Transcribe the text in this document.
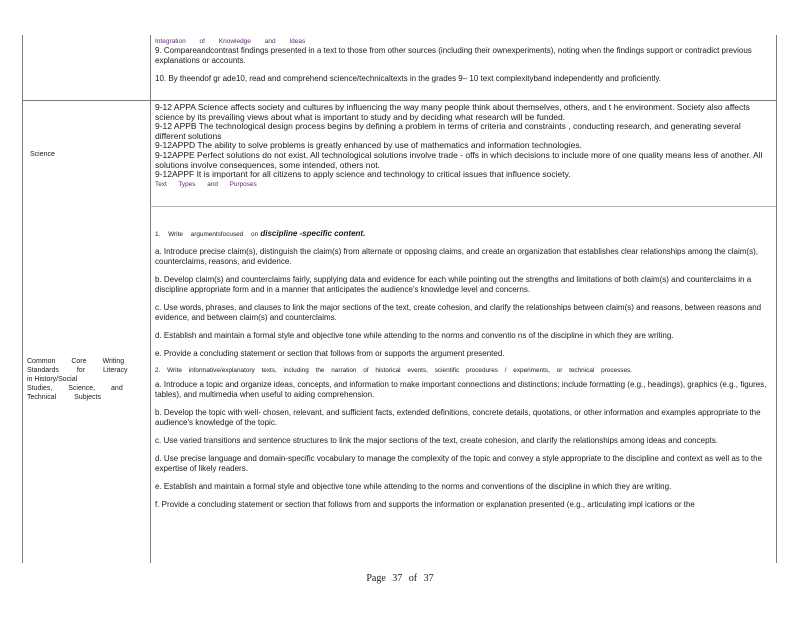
Integration of Knowledge and Ideas

9. Compareandcontrast findings presented in a text to those from other sources (including their ownexperiments), noting when the findings support or contradict previous explanations or accounts.

10. By theendof gr ade10, read and comprehend science/technicaltexts in the grades 9– 10 text complexityband independently and proficiently.

Science

9-12 APPA Science affects society and cultures by influencing the way many people think about themselves, others, and t he environment. Society also affects science by its prevailing views about what is important to study and by deciding what research will be funded.

9-12 APPB The technological design process begins by defining a problem in terms of criteria and constraints , conducting research, and generating several different solutions

9-12APPD The ability to solve problems is greatly enhanced by use of mathematics and information technologies.

9-12APPE Perfect solutions do not exist. All technological solutions involve trade - offs in which decisions to include more of one quality means less of another. All solutions involve consequences, some intended, others not.

9-12APPF It is important for all citizens to apply science and technology to critical issues that influence society.

Text Types and Purposes

Common Core Writing
Standards for Literacy
in History/Social
Studies, Science, and
Technical Subjects

1. Write argumentsfocused on discipline -specific content.

a. Introduce precise claim(s), distinguish the claim(s) from alternate or opposing claims, and create an organization that establishes clear relationships among the claim(s), counterclaims, reasons, and evidence.

b. Develop claim(s) and counterclaims fairly, supplying data and evidence for each while pointing out the strengths and limitations of both claim(s) and counterclaims in a discipline appropriate form and in a manner that anticipates the audience's knowledge level and concerns.

c. Use words, phrases, and clauses to link the major sections of the text, create cohesion, and clarify the relationships between claim(s) and reasons, between reasons and evidence, and between claim(s) and counterclaims.

d. Establish and maintain a formal style and objective tone while attending to the norms and conventio ns of the discipline in which they are writing.

e. Provide a concluding statement or section that follows from or supports the argument presented.

2. Write informative/explanatory texts, including the narration of historical events, scientific procedures / experiments, or technical processes.

a. Introduce a topic and organize ideas, concepts, and information to make important connections and distinctions; include formatting (e.g., headings), graphics (e.g., figures, tables), and multimedia when useful to aiding comprehension.

b. Develop the topic with well- chosen, relevant, and sufficient facts, extended definitions, concrete details, quotations, or other information and examples appropriate to the audience's knowledge of the topic.

c. Use varied transitions and sentence structures to link the major sections of the text, create cohesion, and clarify the relationships among ideas and concepts.

d. Use precise language and domain-specific vocabulary to manage the complexity of the topic and convey a style appropriate to the discipline and context as well as to the expertise of likely readers.

e. Establish and maintain a formal style and objective tone while attending to the norms and conventions of the discipline in which they are writing.

f. Provide a concluding statement or section that follows from and supports the information or explanation presented (e.g., articulating impl ications or the

Page 37 of 37
